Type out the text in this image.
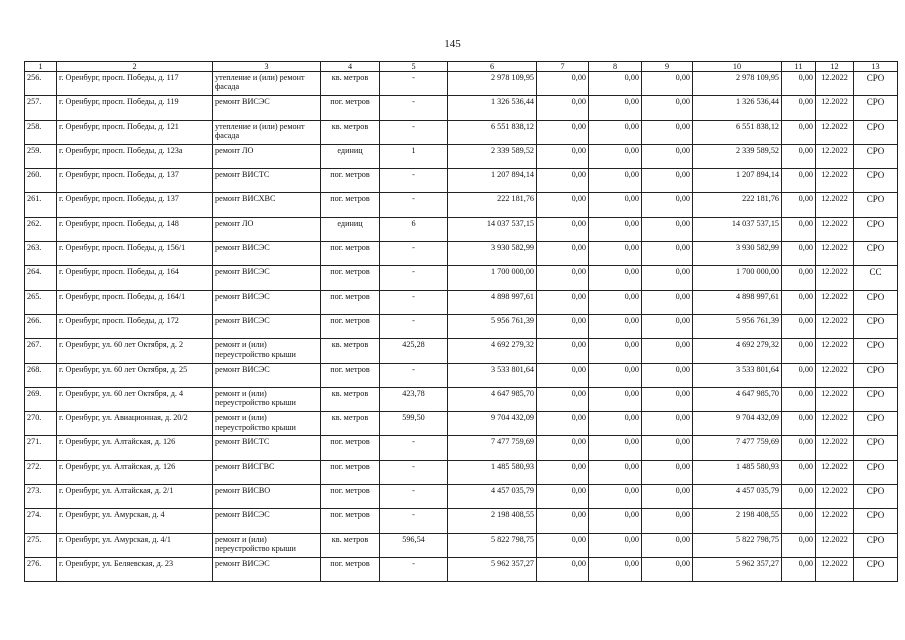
145
1	2	3	4	5	6	7	8	9	10	11	12	13
256.	г. Оренбург, просп. Победы, д. 117	утепление и (или) ремонт фасада	кв. метров	-	2 978 109,95	0,00	0,00	0,00	2 978 109,95	0,00	12.2022	СРО
257.	г. Оренбург, просп. Победы, д. 119	ремонт ВИСЭС	пог. метров	-	1 326 536,44	0,00	0,00	0,00	1 326 536,44	0,00	12.2022	СРО
258.	г. Оренбург, просп. Победы, д. 121	утепление и (или) ремонт фасада	кв. метров	-	6 551 838,12	0,00	0,00	0,00	6 551 838,12	0,00	12.2022	СРО
259.	г. Оренбург, просп. Победы, д. 123а	ремонт ЛО	единиц	1	2 339 589,52	0,00	0,00	0,00	2 339 589,52	0,00	12.2022	СРО
260.	г. Оренбург, просп. Победы, д. 137	ремонт ВИСТС	пог. метров	-	1 207 894,14	0,00	0,00	0,00	1 207 894,14	0,00	12.2022	СРО
261.	г. Оренбург, просп. Победы, д. 137	ремонт ВИСХВС	пог. метров	-	222 181,76	0,00	0,00	0,00	222 181,76	0,00	12.2022	СРО
262.	г. Оренбург, просп. Победы, д. 148	ремонт ЛО	единиц	6	14 037 537,15	0,00	0,00	0,00	14 037 537,15	0,00	12.2022	СРО
263.	г. Оренбург, просп. Победы, д. 156/1	ремонт ВИСЭС	пог. метров	-	3 930 582,99	0,00	0,00	0,00	3 930 582,99	0,00	12.2022	СРО
264.	г. Оренбург, просп. Победы, д. 164	ремонт ВИСЭС	пог. метров	-	1 700 000,00	0,00	0,00	0,00	1 700 000,00	0,00	12.2022	СС
265.	г. Оренбург, просп. Победы, д. 164/1	ремонт ВИСЭС	пог. метров	-	4 898 997,61	0,00	0,00	0,00	4 898 997,61	0,00	12.2022	СРО
266.	г. Оренбург, просп. Победы, д. 172	ремонт ВИСЭС	пог. метров	-	5 956 761,39	0,00	0,00	0,00	5 956 761,39	0,00	12.2022	СРО
267.	г. Оренбург, ул. 60 лет Октября, д. 2	ремонт и (или) переустройство крыши	кв. метров	425,28	4 692 279,32	0,00	0,00	0,00	4 692 279,32	0,00	12.2022	СРО
268.	г. Оренбург, ул. 60 лет Октября, д. 25	ремонт ВИСЭС	пог. метров	-	3 533 801,64	0,00	0,00	0,00	3 533 801,64	0,00	12.2022	СРО
269.	г. Оренбург, ул. 60 лет Октября, д. 4	ремонт и (или) переустройство крыши	кв. метров	423,78	4 647 985,70	0,00	0,00	0,00	4 647 985,70	0,00	12.2022	СРО
270.	г. Оренбург, ул. Авиационная, д. 20/2	ремонт и (или) переустройство крыши	кв. метров	599,50	9 704 432,09	0,00	0,00	0,00	9 704 432,09	0,00	12.2022	СРО
271.	г. Оренбург, ул. Алтайская, д. 126	ремонт ВИСТС	пог. метров	-	7 477 759,69	0,00	0,00	0,00	7 477 759,69	0,00	12.2022	СРО
272.	г. Оренбург, ул. Алтайская, д. 126	ремонт ВИСГВС	пог. метров	-	1 485 580,93	0,00	0,00	0,00	1 485 580,93	0,00	12.2022	СРО
273.	г. Оренбург, ул. Алтайская, д. 2/1	ремонт ВИСВО	пог. метров	-	4 457 035,79	0,00	0,00	0,00	4 457 035,79	0,00	12.2022	СРО
274.	г. Оренбург, ул. Амурская, д. 4	ремонт ВИСЭС	пог. метров	-	2 198 408,55	0,00	0,00	0,00	2 198 408,55	0,00	12.2022	СРО
275.	г. Оренбург, ул. Амурская, д. 4/1	ремонт и (или) переустройство крыши	кв. метров	596,54	5 822 798,75	0,00	0,00	0,00	5 822 798,75	0,00	12.2022	СРО
276.	г. Оренбург, ул. Беляевская, д. 23	ремонт ВИСЭС	пог. метров	-	5 962 357,27	0,00	0,00	0,00	5 962 357,27	0,00	12.2022	СРО
